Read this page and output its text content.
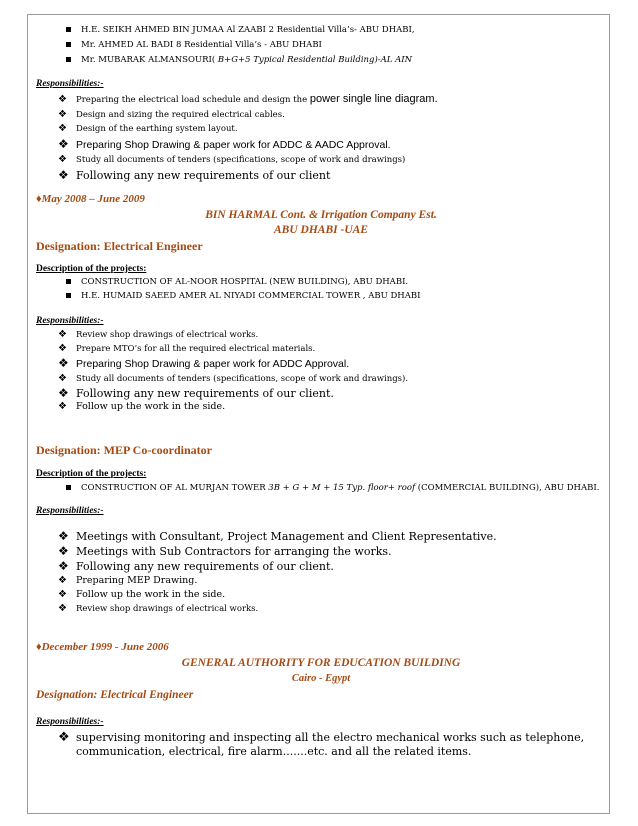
H.E. SEIKH AHMED BIN JUMAA Al ZAABI 2 Residential Villa’s- ABU DHABI,
Mr. AHMED AL BADI 8 Residential Villa’s - ABU DHABI
Mr. MUBARAK ALMANSOURI( B+G+5 Typical Residential Building)-AL AIN
Responsibilities:-
❖ Preparing the electrical load schedule and design the power single line diagram.
❖ Design and sizing the required electrical cables.
❖ Design of the earthing system layout.
❖ Preparing Shop Drawing & paper work for ADDC & AADC Approval.
❖ Study all documents of tenders (specifications, scope of work and drawings)
❖ Following any new requirements of our client
♦May 2008 – June 2009
BIN HARMAL Cont. & Irrigation Company Est.
ABU DHABI -UAE
Designation: Electrical Engineer
Description of the projects:
CONSTRUCTION OF AL-NOOR HOSPITAL (NEW BUILDING), ABU DHABI.
H.E. HUMAID SAEED AMER AL NIYADI COMMERCIAL TOWER , ABU DHABI
Responsibilities:-
❖ Review shop drawings of electrical works.
❖ Prepare MTO’s for all the required electrical materials.
❖ Preparing Shop Drawing & paper work for ADDC Approval.
❖ Study all documents of tenders (specifications, scope of work and drawings).
❖ Following any new requirements of our client.
❖ Follow up the work in the side.
Designation: MEP Co-coordinator
Description of the projects:
CONSTRUCTION OF AL MURJAN TOWER 3B + G + M + 15 Typ. floor+ roof (COMMERCIAL BUILDING), ABU DHABI.
Responsibilities:-
❖ Meetings with Consultant, Project Management and Client Representative.
❖ Meetings with Sub Contractors for arranging the works.
❖ Following any new requirements of our client.
❖ Preparing MEP Drawing.
❖ Follow up the work in the side.
❖ Review shop drawings of electrical works.
♦December 1999 - June 2006
GENERAL AUTHORITY FOR EDUCATION BUILDING
Cairo - Egypt
Designation: Electrical Engineer
Responsibilities:-
❖ supervising monitoring and inspecting all the electro mechanical works such as telephone,
communication, electrical, fire alarm.......etc. and all the related items.
